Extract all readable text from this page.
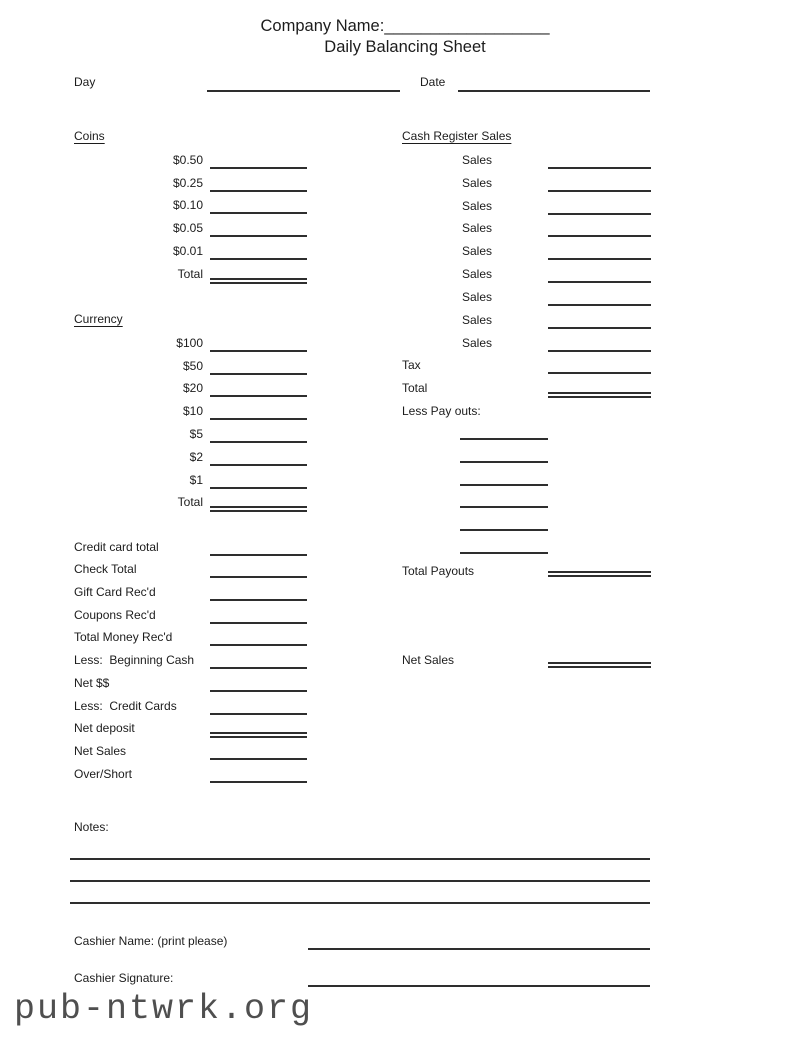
Company Name:__________________
Daily Balancing Sheet
Day	Date
Coins
$0.50
$0.25
$0.10
$0.05
$0.01
Total
Currency
$100
$50
$20
$10
$5
$2
$1
Total
Credit card total
Check Total
Gift Card Rec'd
Coupons Rec'd
Total Money Rec'd
Less:  Beginning Cash
Net $$
Less:  Credit Cards
Net deposit
Net Sales
Over/Short
Cash Register Sales
Sales
Sales
Sales
Sales
Sales
Sales
Sales
Sales
Sales
Tax
Total
Less Pay outs:
Total Payouts
Net Sales
Notes:
Cashier Name: (print please)
Cashier Signature:
pub-ntwrk.org
